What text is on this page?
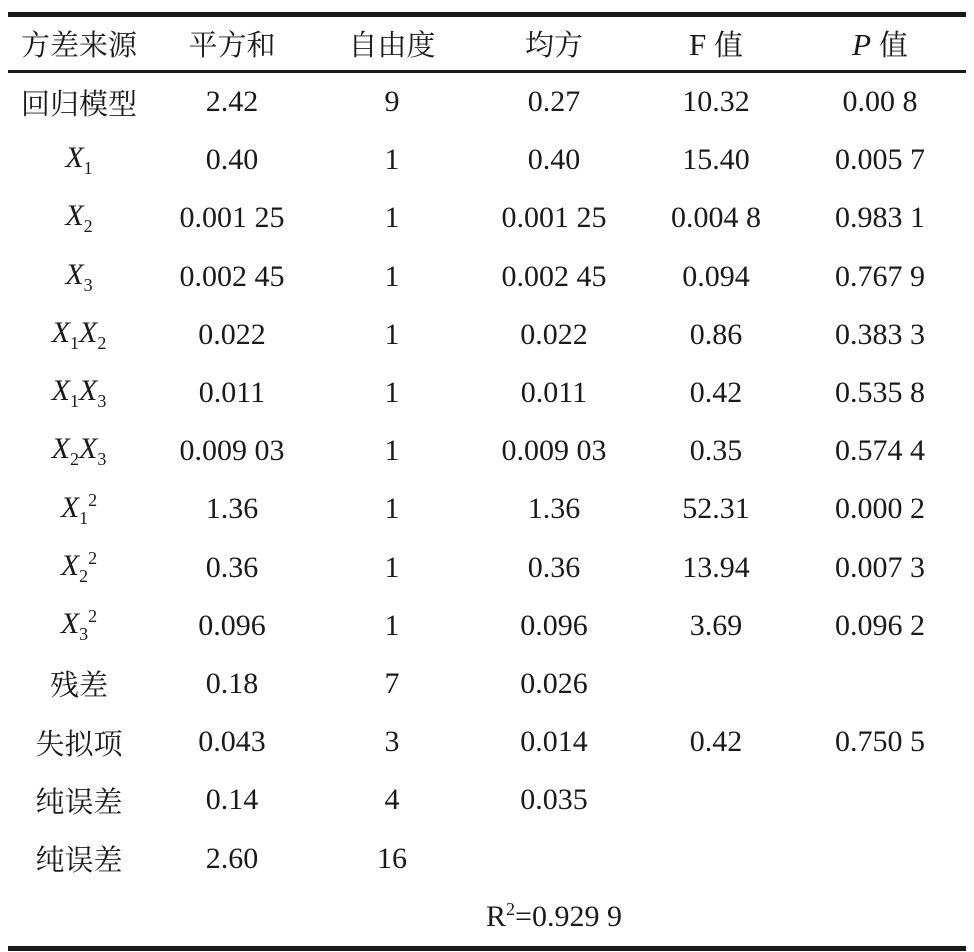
方差来源	平方和	自由度	均方	F 值	P 值
回归模型	2.42	9	0.27	10.32	0.00 8
$X_1$	0.40	1	0.40	15.40	0.005 7
$X_2$	0.001 25	1	0.001 25	0.004 8	0.983 1
$X_3$	0.002 45	1	0.002 45	0.094	0.767 9
$X_1X_2$	0.022	1	0.022	0.86	0.383 3
$X_1X_3$	0.011	1	0.011	0.42	0.535 8
$X_2X_3$	0.009 03	1	0.009 03	0.35	0.574 4
$X_1^2$	1.36	1	1.36	52.31	0.000 2
$X_2^2$	0.36	1	0.36	13.94	0.007 3
$X_3^2$	0.096	1	0.096	3.69	0.096 2
残差	0.18	7	0.026		
失拟项	0.043	3	0.014	0.42	0.750 5
纯误差	0.14	4	0.035		
纯误差	2.60	16			
			$R^2=0.929$ 9		
